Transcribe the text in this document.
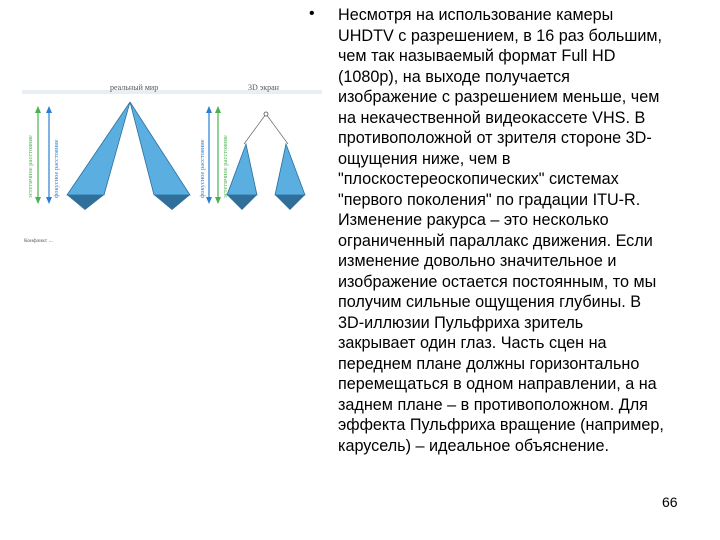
реальный мир	3D экран
эстетичное расстояние	фокусное расстояние	фокусное расстояние эстетичное расстояние
Конфликт ...
• Несмотря на использование камеры
UHDTV с разрешением, в 16 раз большим,
чем так называемый формат Full HD
(1080p), на выходе получается
изображение с разрешением меньше, чем
на некачественной видеокассете VHS. В
противоположной от зрителя стороне 3D-
ощущения ниже, чем в
"плоскостереоскопических" системах
"первого поколения" по градации ITU-R.
Изменение ракурса – это несколько
ограниченный параллакс движения. Если
изменение довольно значительное и
изображение остается постоянным, то мы
получим сильные ощущения глубины. В
3D-иллюзии Пульфриха зритель
закрывает один глаз. Часть сцен на
переднем плане должны горизонтально
перемещаться в одном направлении, а на
заднем плане – в противоположном. Для
эффекта Пульфриха вращение (например,
карусель) – идеальное объяснение.
66
